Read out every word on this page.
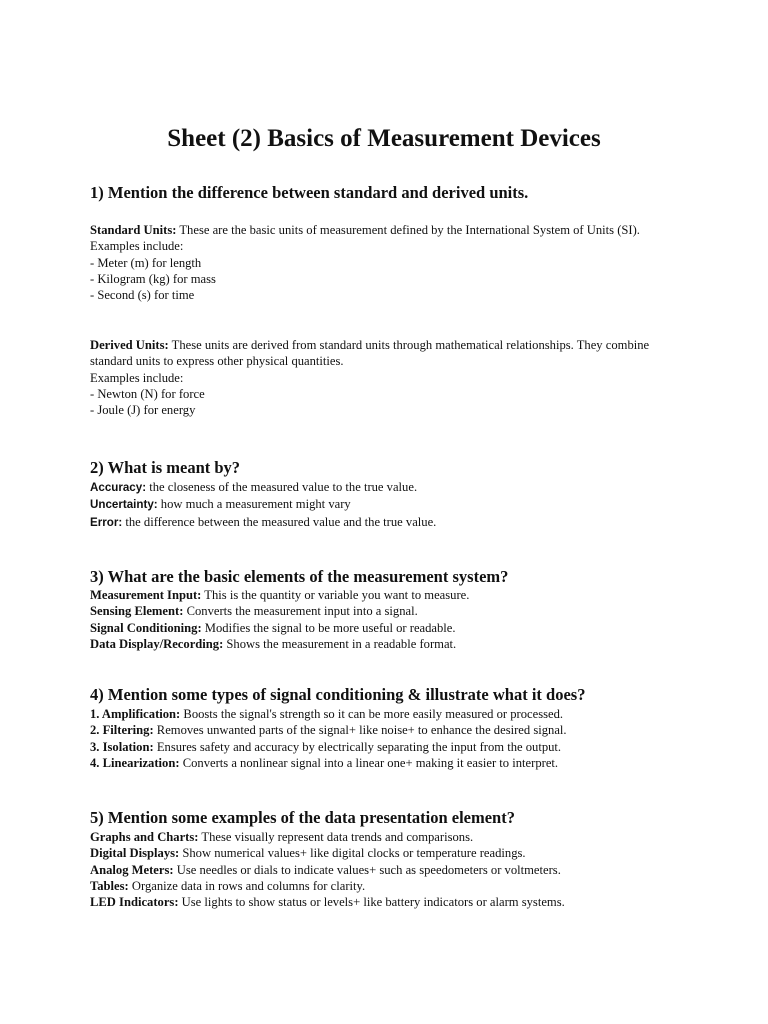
Sheet (2) Basics of Measurement Devices
1) Mention the difference between standard and derived units.
Standard Units: These are the basic units of measurement defined by the International System of Units (SI).
Examples include:
- Meter (m) for length
- Kilogram (kg) for mass
- Second (s) for time
Derived Units: These units are derived from standard units through mathematical relationships. They combine standard units to express other physical quantities.
Examples include:
- Newton (N) for force
- Joule (J) for energy
2) What is meant by?
Accuracy: the closeness of the measured value to the true value.
Uncertainty: how much a measurement might vary
Error: the difference between the measured value and the true value.
3) What are the basic elements of the measurement system?
Measurement Input: This is the quantity or variable you want to measure.
Sensing Element: Converts the measurement input into a signal.
Signal Conditioning: Modifies the signal to be more useful or readable.
Data Display/Recording: Shows the measurement in a readable format.
4) Mention some types of signal conditioning & illustrate what it does?
1. Amplification: Boosts the signal's strength so it can be more easily measured or processed.
2. Filtering: Removes unwanted parts of the signal+ like noise+ to enhance the desired signal.
3. Isolation: Ensures safety and accuracy by electrically separating the input from the output.
4. Linearization: Converts a nonlinear signal into a linear one+ making it easier to interpret.
5) Mention some examples of the data presentation element?
Graphs and Charts: These visually represent data trends and comparisons.
Digital Displays: Show numerical values+ like digital clocks or temperature readings.
Analog Meters: Use needles or dials to indicate values+ such as speedometers or voltmeters.
Tables: Organize data in rows and columns for clarity.
LED Indicators: Use lights to show status or levels+ like battery indicators or alarm systems.
